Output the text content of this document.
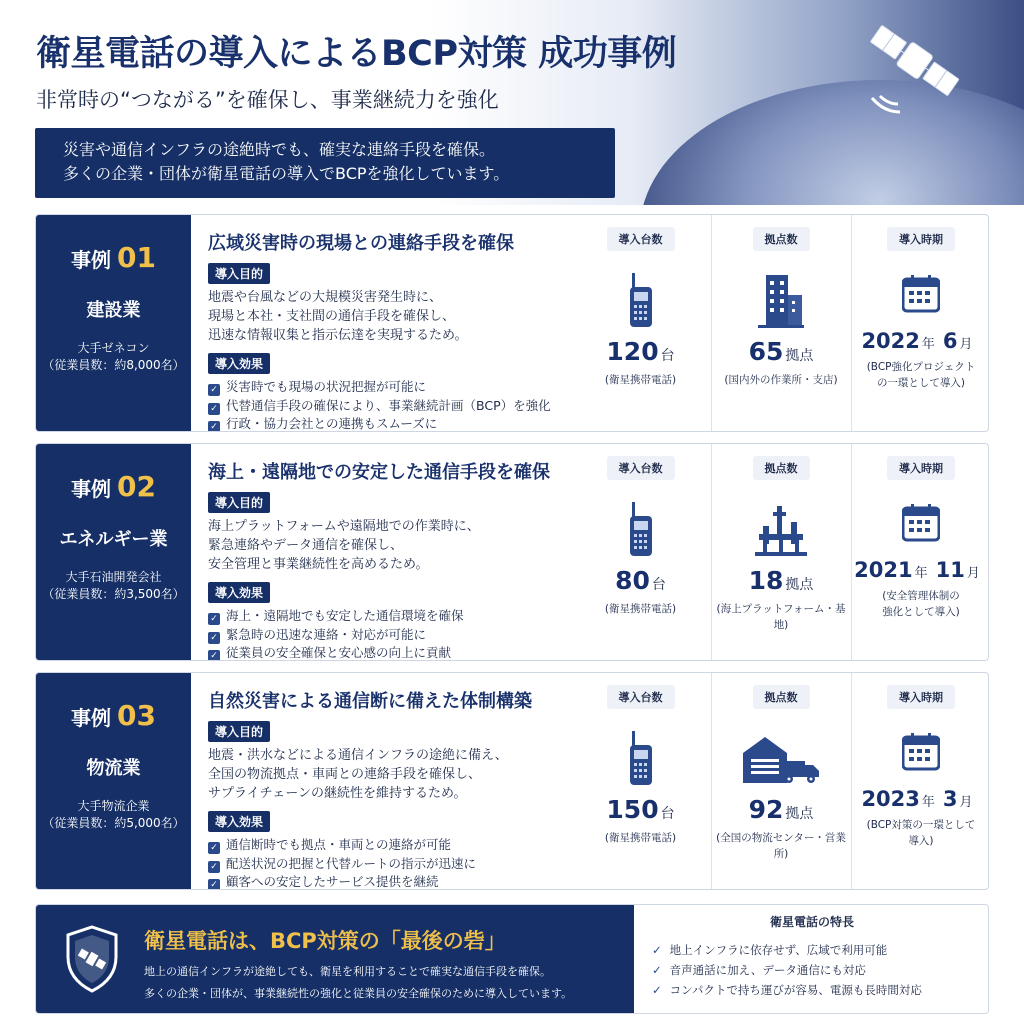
衛星電話の導入によるBCP対策 成功事例
非常時の“つながる”を確保し、事業継続力を強化
災害や通信インフラの途絶時でも、確実な連絡手段を確保。
多くの企業・団体が衛星電話の導入でBCPを強化しています。
事例 01
建設業
大手ゼネコン
（従業員数：約8,000名）
広域災害時の現場との連絡手段を確保
導入目的

地震や台風などの大規模災害発生時に、
現場と本社・支社間の通信手段を確保し、
迅速な情報収集と指示伝達を実現するため。

導入効果
✓ 災害時でも現場の状況把握が可能に
✓ 代替通信手段の確保により、事業継続計画（BCP）を強化
✓ 行政・協力会社との連携もスムーズに
導入台数
120 台
(衛星携帯電話)
拠点数
65 拠点
(国内外の作業所・支店)
導入時期
2022 年 6 月
(BCP強化プロジェクト
の一環として導入)
事例 02
エネルギー業
大手石油開発会社
（従業員数：約3,500名）
海上・遠隔地での安定した通信手段を確保
導入目的

海上プラットフォームや遠隔地での作業時に、
緊急連絡やデータ通信を確保し、
安全管理と事業継続性を高めるため。

導入効果
✓ 海上・遠隔地でも安定した通信環境を確保
✓ 緊急時の迅速な連絡・対応が可能に
✓ 従業員の安全確保と安心感の向上に貢献
導入台数
80 台
(衛星携帯電話)
拠点数
18 拠点
(海上プラットフォーム・基地)
導入時期
2021 年 11 月
(安全管理体制の
強化として導入)
事例 03
物流業
大手物流企業
（従業員数：約5,000名）
自然災害による通信断に備えた体制構築
導入目的

地震・洪水などによる通信インフラの途絶に備え、
全国の物流拠点・車両との連絡手段を確保し、
サプライチェーンの継続性を維持するため。

導入効果
✓ 通信断時でも拠点・車両との連絡が可能
✓ 配送状況の把握と代替ルートの指示が迅速に
✓ 顧客への安定したサービス提供を継続
導入台数
150 台
(衛星携帯電話)
拠点数
92 拠点
(全国の物流センター・営業所)
導入時期
2023 年 3 月
(BCP対策の一環として
導入)
衛星電話は、BCP対策の「最後の砦」
地上の通信インフラが途絶しても、衛星を利用することで確実な通信手段を確保。
多くの企業・団体が、事業継続性の強化と従業員の安全確保のために導入しています。
衛星電話の特長
✓ 地上インフラに依存せず、広域で利用可能
✓ 音声通話に加え、データ通信にも対応
✓ コンパクトで持ち運びが容易、電源も長時間対応
